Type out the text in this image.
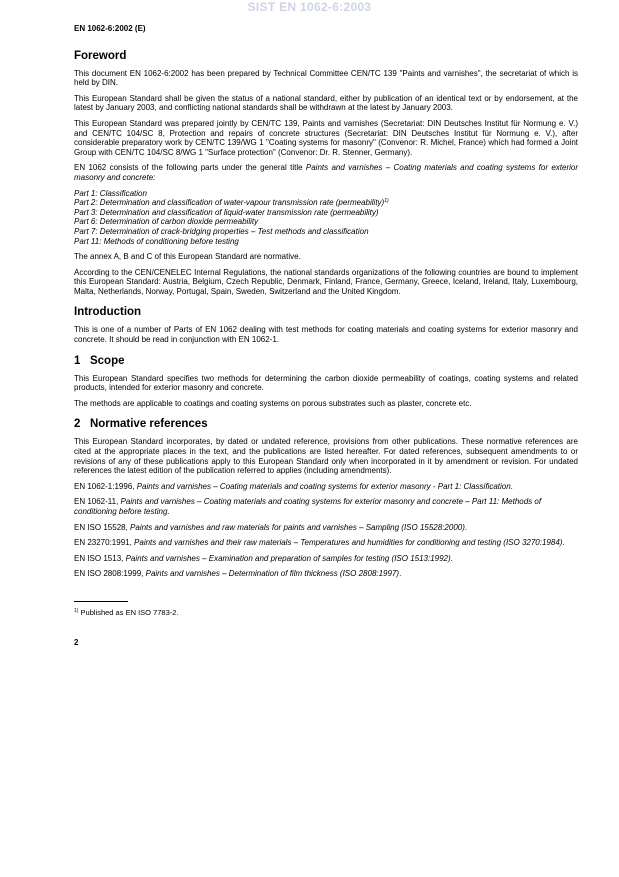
SIST EN 1062-6:2003
EN 1062-6:2002 (E)
Foreword

This document EN 1062-6:2002 has been prepared by Technical Committee CEN/TC 139 "Paints and varnishes", the secretariat of which is held by DIN.

This European Standard shall be given the status of a national standard, either by publication of an identical text or by endorsement, at the latest by January 2003, and conflicting national standards shall be withdrawn at the latest by January 2003.

This European Standard was prepared jointly by CEN/TC 139, Paints and varnishes (Secretariat: DIN Deutsches Institut für Normung e. V.) and CEN/TC 104/SC 8, Protection and repairs of concrete structures (Secretariat: DIN Deutsches Institut für Normung e. V.), after considerable preparatory work by CEN/TC 139/WG 1 "Coating systems for masonry" (Convenor: R. Michel, France) which had formed a Joint Group with CEN/TC 104/SC 8/WG 1 "Surface protection" (Convenor: Dr. R. Stenner, Germany).

EN 1062 consists of the following parts under the general title Paints and varnishes – Coating materials and coating systems for exterior masonry and concrete:

Part 1: Classification
Part 2: Determination and classification of water-vapour transmission rate (permeability)$^{1)}$
Part 3: Determination and classification of liquid-water transmission rate (permeability)
Part 6: Determination of carbon dioxide permeability
Part 7: Determination of crack-bridging properties – Test methods and classification
Part 11: Methods of conditioning before testing

The annex A, B and C of this European Standard are normative.

According to the CEN/CENELEC Internal Regulations, the national standards organizations of the following countries are bound to implement this European Standard: Austria, Belgium, Czech Republic, Denmark, Finland, France, Germany, Greece, Iceland, Ireland, Italy, Luxembourg, Malta, Netherlands, Norway, Portugal, Spain, Sweden, Switzerland and the United Kingdom.

Introduction

This is one of a number of Parts of EN 1062 dealing with test methods for coating materials and coating systems for exterior masonry and concrete. It should be read in conjunction with EN 1062-1.

1   Scope

This European Standard specifies two methods for determining the carbon dioxide permeability of coatings, coating systems and related products, intended for exterior masonry and concrete.

The methods are applicable to coatings and coating systems on porous substrates such as plaster, concrete etc.

2   Normative references

This European Standard incorporates, by dated or undated reference, provisions from other publications. These normative references are cited at the appropriate places in the text, and the publications are listed hereafter. For dated references, subsequent amendments to or revisions of any of these publications apply to this European Standard only when incorporated in it by amendment or revision. For undated references the latest edition of the publication referred to applies (including amendments).

EN 1062-1:1996, Paints and varnishes – Coating materials and coating systems for exterior masonry - Part 1: Classification.
EN 1062-11, Paints and varnishes – Coating materials and coating systems for exterior masonry and concrete – Part 11: Methods of conditioning before testing.
EN ISO 15528, Paints and varnishes and raw materials for paints and varnishes – Sampling (ISO 15528:2000).
EN 23270:1991, Paints and varnishes and their raw materials – Temperatures and humidities for conditioning and testing (ISO 3270:1984).
EN ISO 1513, Paints and varnishes – Examination and preparation of samples for testing (ISO 1513:1992).
EN ISO 2808:1999, Paints and varnishes – Determination of film thickness (ISO 2808:1997).
$^{1)}$ Published as EN ISO 7783-2.
2
